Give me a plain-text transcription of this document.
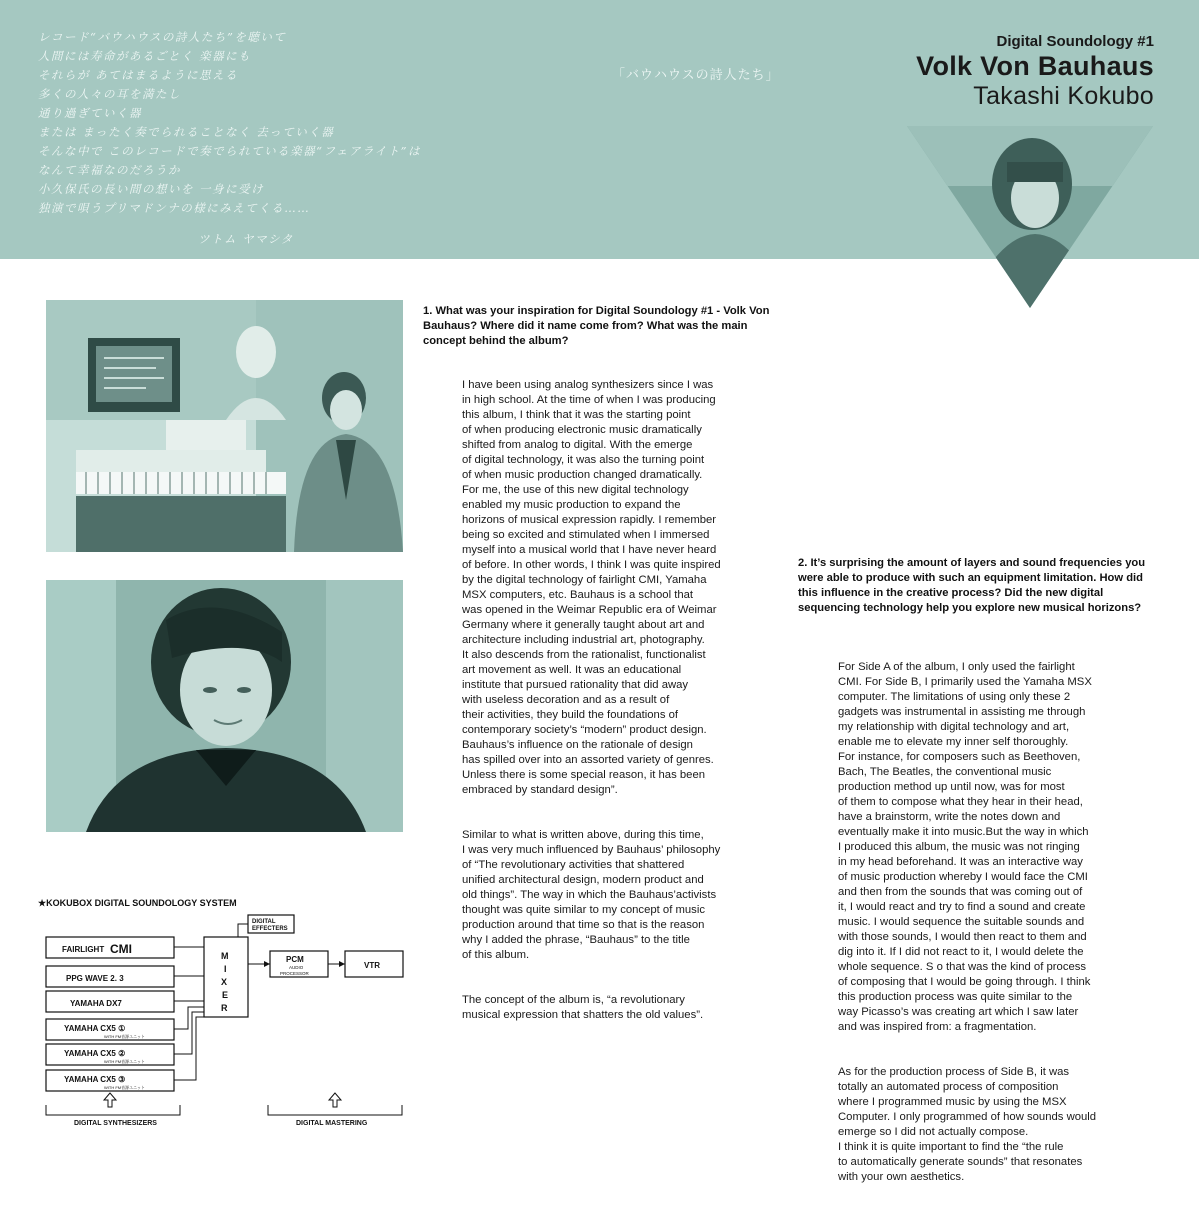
レコード“バウハウスの詩人たち”を聴いて
人間には寿命があるごとく 楽器にも
それらが あてはまるように思える
多くの人々の耳を満たし
通り過ぎていく器
または まったく奏でられることなく 去っていく器
そんな中で このレコードで奏でられている楽器“フェアライト”は
なんて幸福なのだろうか
小久保氏の長い間の想いを 一身に受け
独演で唄うプリマドンナの様にみえてくる……
ツトム ヤマシタ
「バウハウスの詩人たち」
Digital Soundology #1
Volk Von Bauhaus
Takashi Kokubo
★KOKUBOX DIGITAL SOUNDOLOGY SYSTEM
FAIRLIGHT CMI
PPG WAVE 2. 3
YAMAHA DX7
YAMAHA CX5 ①
WITH FM音源ユニット
YAMAHA CX5 ②
WITH FM音源ユニット
YAMAHA CX5 ③
WITH FM音源ユニット
M
I
X
E
R
DIGITAL
EFFECTERS
PCM
AUDIO
PROCESSOR
VTR
DIGITAL SYNTHESIZERS	DIGITAL MASTERING
1. What was your inspiration for Digital Soundology #1 - Volk Von Bauhaus? Where did it name come from? What was the main concept behind the album?

I have been using analog synthesizers since I was
in high school. At the time of when I was producing
this album, I think that it was the starting point
of when producing electronic music dramatically
shifted from analog to digital. With the emerge
of digital technology, it was also the turning point
of when music production changed dramatically.
For me, the use of this new digital technology
enabled my music production to expand the
horizons of musical expression rapidly. I remember
being so excited and stimulated when I immersed
myself into a musical world that I have never heard
of before. In other words, I think I was quite inspired
by the digital technology of fairlight CMI, Yamaha
MSX computers, etc. Bauhaus is a school that
was opened in the Weimar Republic era of Weimar
Germany where it generally taught about art and
architecture including industrial art, photography.
It also descends from the rationalist, functionalist
art movement as well. It was an educational
institute that pursued rationality that did away
with useless decoration and as a result of
their activities, they build the foundations of
contemporary society’s “modern” product design.
Bauhaus’s influence on the rationale of design
has spilled over into an assorted variety of genres.
Unless there is some special reason, it has been
embraced by standard design”.

Similar to what is written above, during this time,
I was very much influenced by Bauhaus’ philosophy
of “The revolutionary activities that shattered
unified architectural design, modern product and
old things”. The way in which the Bauhaus’activists
thought was quite similar to my concept of music
production around that time so that is the reason
why I added the phrase, “Bauhaus” to the title
of this album.

The concept of the album is, “a revolutionary
musical expression that shatters the old values”.

2. It’s surprising the amount of layers and sound frequencies you were able to produce with such an equipment limitation. How did this influence in the creative process? Did the new digital sequencing technology help you explore new musical horizons?

For Side A of the album, I only used the fairlight
CMI. For Side B, I primarily used the Yamaha MSX
computer. The limitations of using only these 2
gadgets was instrumental in assisting me through
my relationship with digital technology and art,
enable me to elevate my inner self thoroughly.
For instance, for composers such as Beethoven,
Bach, The Beatles, the conventional music
production method up until now, was for most
of them to compose what they hear in their head,
have a brainstorm, write the notes down and
eventually make it into music.But the way in which
I produced this album, the music was not ringing
in my head beforehand. It was an interactive way
of music production whereby I would face the CMI
and then from the sounds that was coming out of
it, I would react and try to find a sound and create
music. I would sequence the suitable sounds and
with those sounds, I would then react to them and
dig into it. If I did not react to it, I would delete the
whole sequence. S o that was the kind of process
of composing that I would be going through. I think
this production process was quite similar to the
way Picasso’s was creating art which I saw later
and was inspired from: a fragmentation.

As for the production process of Side B, it was
totally an automated process of composition
where I programmed music by using the MSX
Computer. I only programmed of how sounds would
emerge so I did not actually compose.
I think it is quite important to find the “the rule
to automatically generate sounds” that resonates
with your own aesthetics.
